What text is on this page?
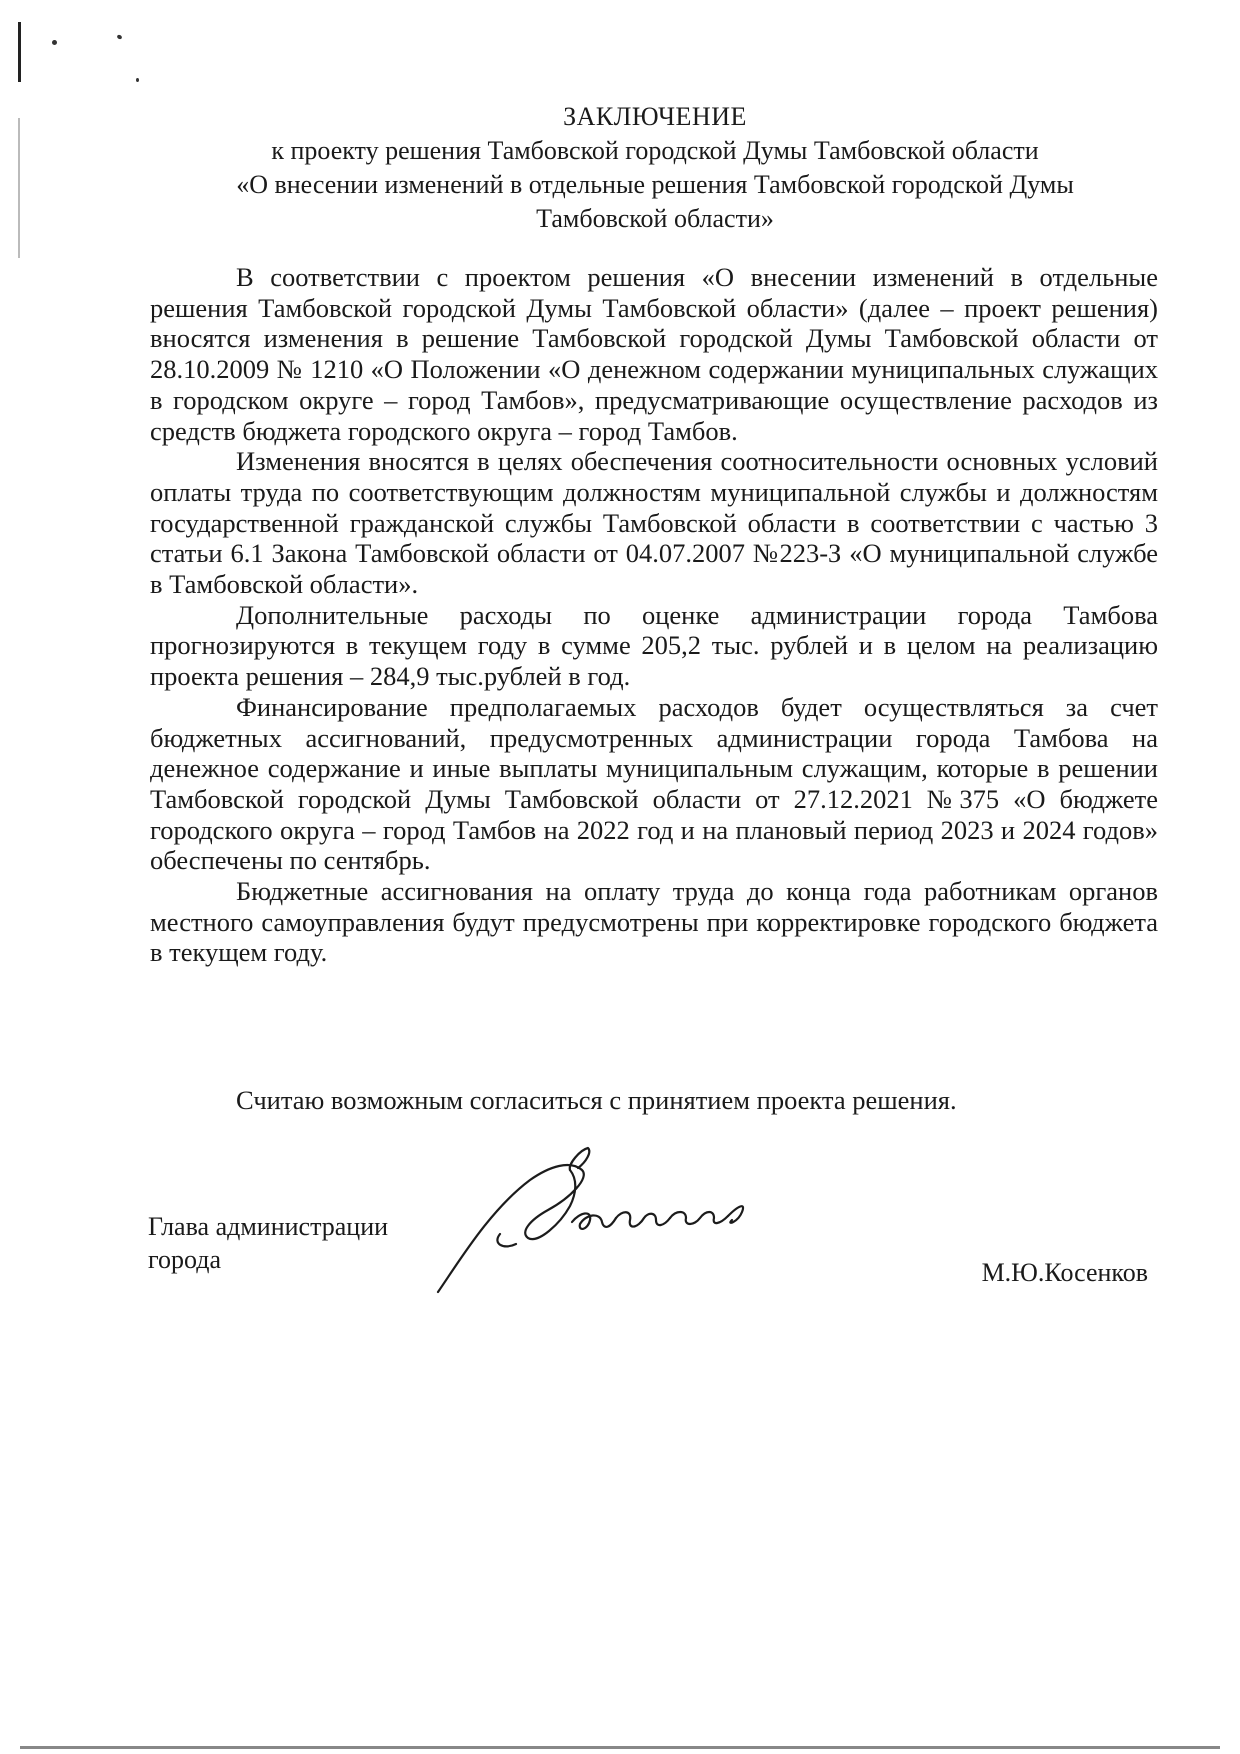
ЗАКЛЮЧЕНИЕ
к проекту решения Тамбовской городской Думы Тамбовской области
«О внесении изменений в отдельные решения Тамбовской городской Думы
Тамбовской области»

В соответствии с проектом решения «О внесении изменений в отдельные решения Тамбовской городской Думы Тамбовской области» (далее – проект решения) вносятся изменения в решение Тамбовской городской Думы Тамбовской области от 28.10.2009 № 1210 «О Положении «О денежном содержании муниципальных служащих в городском округе – город Тамбов», предусматривающие осуществление расходов из средств бюджета городского округа – город Тамбов.

Изменения вносятся в целях обеспечения соотносительности основных условий оплаты труда по соответствующим должностям муниципальной службы и должностям государственной гражданской службы Тамбовской области в соответствии с частью 3 статьи 6.1 Закона Тамбовской области от 04.07.2007 №223-З «О муниципальной службе в Тамбовской области».

Дополнительные расходы по оценке администрации города Тамбова прогнозируются в текущем году в сумме 205,2 тыс. рублей и в целом на реализацию проекта решения – 284,9 тыс.рублей в год.

Финансирование предполагаемых расходов будет осуществляться за счет бюджетных ассигнований, предусмотренных администрации города Тамбова на денежное содержание и иные выплаты муниципальным служащим, которые в решении Тамбовской городской Думы Тамбовской области от 27.12.2021 №375 «О бюджете городского округа – город Тамбов на 2022 год и на плановый период 2023 и 2024 годов» обеспечены по сентябрь.

Бюджетные ассигнования на оплату труда до конца года работникам органов местного самоуправления будут предусмотрены при корректировке городского бюджета в текущем году.

Считаю возможным согласиться с принятием проекта решения.

Глава администрации
города	М.Ю.Косенков
